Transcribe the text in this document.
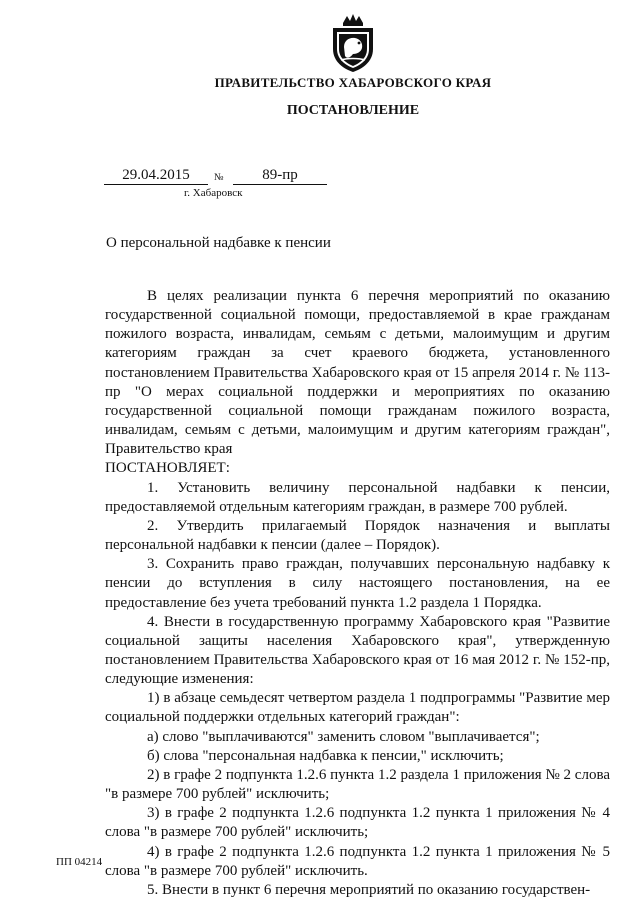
ПРАВИТЕЛЬСТВО ХАБАРОВСКОГО КРАЯ
ПОСТАНОВЛЕНИЕ
29.04.2015	№	89-пр
г. Хабаровск
О персональной надбавке к пенсии

В целях реализации пункта 6 перечня мероприятий по оказанию государственной социальной помощи, предоставляемой в крае гражданам пожилого возраста, инвалидам, семьям с детьми, малоимущим и другим категориям граждан за счет краевого бюджета, установленного постановлением Правительства Хабаровского края от 15 апреля 2014 г. № 113-пр "О мерах социальной поддержки и мероприятиях по оказанию государственной социальной помощи гражданам пожилого возраста, инвалидам, семьям с детьми, малоимущим и другим категориям граждан", Правительство края

ПОСТАНОВЛЯЕТ:

1. Установить величину персональной надбавки к пенсии, предоставляемой отдельным категориям граждан, в размере 700 рублей.

2. Утвердить прилагаемый Порядок назначения и выплаты персональной надбавки к пенсии (далее – Порядок).

3. Сохранить право граждан, получавших персональную надбавку к пенсии до вступления в силу настоящего постановления, на ее предоставление без учета требований пункта 1.2 раздела 1 Порядка.

4. Внести в государственную программу Хабаровского края "Развитие социальной защиты населения Хабаровского края", утвержденную постановлением Правительства Хабаровского края от 16 мая 2012 г. № 152-пр, следующие изменения:

1) в абзаце семьдесят четвертом раздела 1 подпрограммы "Развитие мер социальной поддержки отдельных категорий граждан":

а) слово "выплачиваются" заменить словом "выплачивается";

б) слова "персональная надбавка к пенсии," исключить;

2) в графе 2 подпункта 1.2.6 пункта 1.2 раздела 1 приложения № 2 слова "в размере 700 рублей" исключить;

3) в графе 2 подпункта 1.2.6 подпункта 1.2 пункта 1 приложения № 4 слова "в размере 700 рублей" исключить;

4) в графе 2 подпункта 1.2.6 подпункта 1.2 пункта 1 приложения № 5 слова "в размере 700 рублей" исключить.

5. Внести в пункт 6 перечня мероприятий по оказанию государствен-

ПП 04214
